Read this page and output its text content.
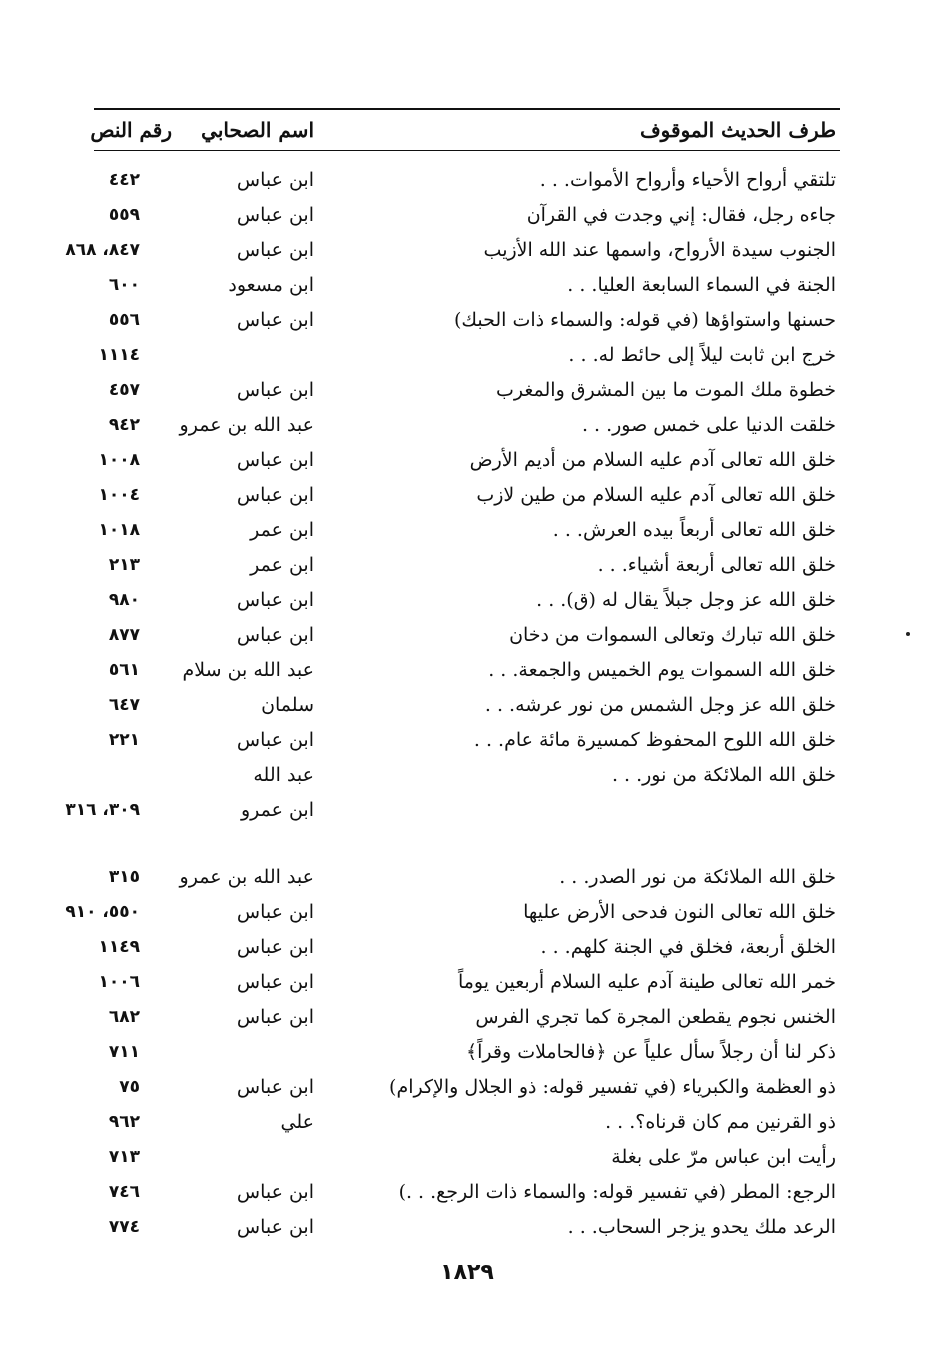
طرف الحديث الموقوف
اسم الصحابي
رقم النص
تلتقي أرواح الأحياء وأرواح الأموات. . .
ابن عباس
٤٤٢
جاءه رجل، فقال: إني وجدت في القرآن
ابن عباس
٥٥٩
الجنوب سيدة الأرواح، واسمها عند الله الأزيب
ابن عباس
٨٤٧، ٨٦٨
الجنة في السماء السابعة العليا. . .
ابن مسعود
٦٠٠
حسنها واستواؤها (في قوله: والسماء ذات الحبك)
ابن عباس
٥٥٦
خرج ابن ثابت ليلاً إلى حائط له. . .
١١١٤
خطوة ملك الموت ما بين المشرق والمغرب
ابن عباس
٤٥٧
خلقت الدنيا على خمس صور. . .
عبد الله بن عمرو
٩٤٢
خلق الله تعالى آدم عليه السلام من أديم الأرض
ابن عباس
١٠٠٨
خلق الله تعالى آدم عليه السلام من طين لازب
ابن عباس
١٠٠٤
خلق الله تعالى أربعاً بيده العرش. . .
ابن عمر
١٠١٨
خلق الله تعالى أربعة أشياء. . .
ابن عمر
٢١٣
خلق الله عز وجل جبلاً يقال له (ق). . .
ابن عباس
٩٨٠
خلق الله تبارك وتعالى السموات من دخان
ابن عباس
٨٧٧
خلق الله السموات يوم الخميس والجمعة. . .
عبد الله بن سلام
٥٦١
خلق الله عز وجل الشمس من نور عرشه. . .
سلمان
٦٤٧
خلق الله اللوح المحفوظ كمسيرة مائة عام. . .
ابن عباس
٢٢١
خلق الله الملائكة من نور. . .
عبد الله
ابن عمرو
٣٠٩، ٣١٦
خلق الله الملائكة من نور الصدر. . .
عبد الله بن عمرو
٣١٥
خلق الله تعالى النون فدحى الأرض عليها
ابن عباس
٥٥٠، ٩١٠
الخلق أربعة، فخلق في الجنة كلهم. . .
ابن عباس
١١٤٩
خمر الله تعالى طينة آدم عليه السلام أربعين يوماً
ابن عباس
١٠٠٦
الخنس نجوم يقطعن المجرة كما تجري الفرس
ابن عباس
٦٨٢
ذكر لنا أن رجلاً سأل علياً عن ﴿فالحاملات وقراً﴾
٧١١
ذو العظمة والكبرياء (في تفسير قوله: ذو الجلال والإكرام)
ابن عباس
٧٥
ذو القرنين مم كان قرناه؟. . .
علي
٩٦٢
رأيت ابن عباس مرّ على بغلة
٧١٣
الرجع: المطر (في تفسير قوله: والسماء ذات الرجع. . .)
ابن عباس
٧٤٦
الرعد ملك يحدو يزجر السحاب. . .
ابن عباس
٧٧٤
١٨٢٩
